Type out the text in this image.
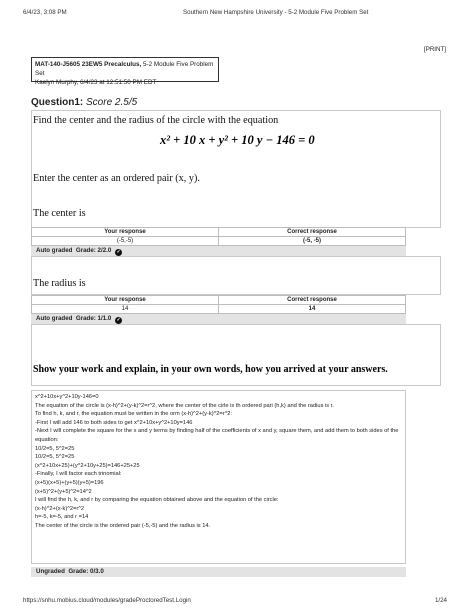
6/4/23, 3:08 PM	Southern New Hampshire University - 5-2 Module Five Problem Set
[PRINT]
MAT-140-J5605 23EW5 Precalculus, 5-2 Module Five Problem Set
Kaelyn Murphy, 6/4/23 at 12:51:50 PM EDT
Question1: Score 2.5/5
Find the center and the radius of the circle with the equation
x² + 10 x + y² + 10 y − 146 = 0
Enter the center as an ordered pair (x, y).
The center is
Your response	Correct response
(-5,-5)	(-5, -5)
Auto graded Grade: 2/2.0 ✓
The radius is
Your response	Correct response
14	14
Auto graded Grade: 1/1.0 ✓
Show your work and explain, in your own words, how you arrived at your answers.

x^2+10x+y^2+10y-146=0

The equation of the circle is (x-h)^2+(y-k)^2=r^2, where the center of the cirle is th ordered pari (h,k) and the radius is r.

To find h, k, and r, the equation must be written in the orm (x-h)^2+(y-k)^2=r^2:

-First I will add 146 to both sides to get x^2+10x+y^2+10y=146

-Next I will complete the square for the x and y terms by finding half of the coefficients of x and y, square them, and add them to both sides of the equation:

10/2=5, 5^2=25

10/2=5, 5^2=25

(x^2+10x+25)+(y^2+10y+25)=146+25+25

-Finally, I will factor each trinomial:

(x+5)(x+5)+(y+5)(y+5)=196

(x+5)^2+(y+5)^2=14^2

I will find the h, k, and r by comparing the equation obtained above and the equation of the circle:

(x-h)^2+(x-k)^2=r^2

h=-5, k=-5, and r =14

The center of the circle is the ordered pair (-5,-5) and the radius is 14.

Ungraded Grade: 0/3.0
https://snhu.mobius.cloud/modules/gradeProctoredTest.Login	1/24
